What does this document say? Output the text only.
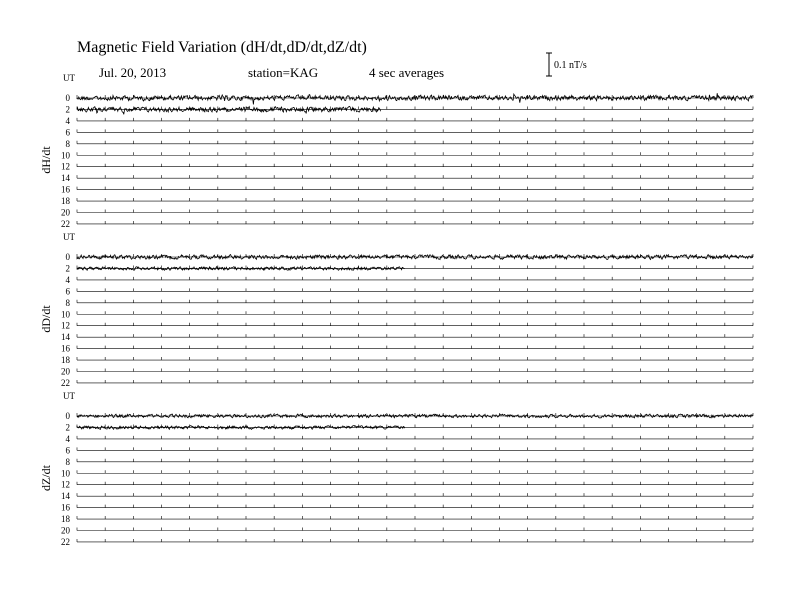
Magnetic Field Variation (dH/dt,dD/dt,dZ/dt)
Jul. 20, 2013	station=KAG	4 sec averages	0.1 nT/s
UT
dH/dt
0
2
4
6
8
10
12
14
16
18
20
22
UT
dD/dt
0
2
4
6
8
10
12
14
16
18
20
22
UT
dZ/dt
0
2
4
6
8
10
12
14
16
18
20
22
